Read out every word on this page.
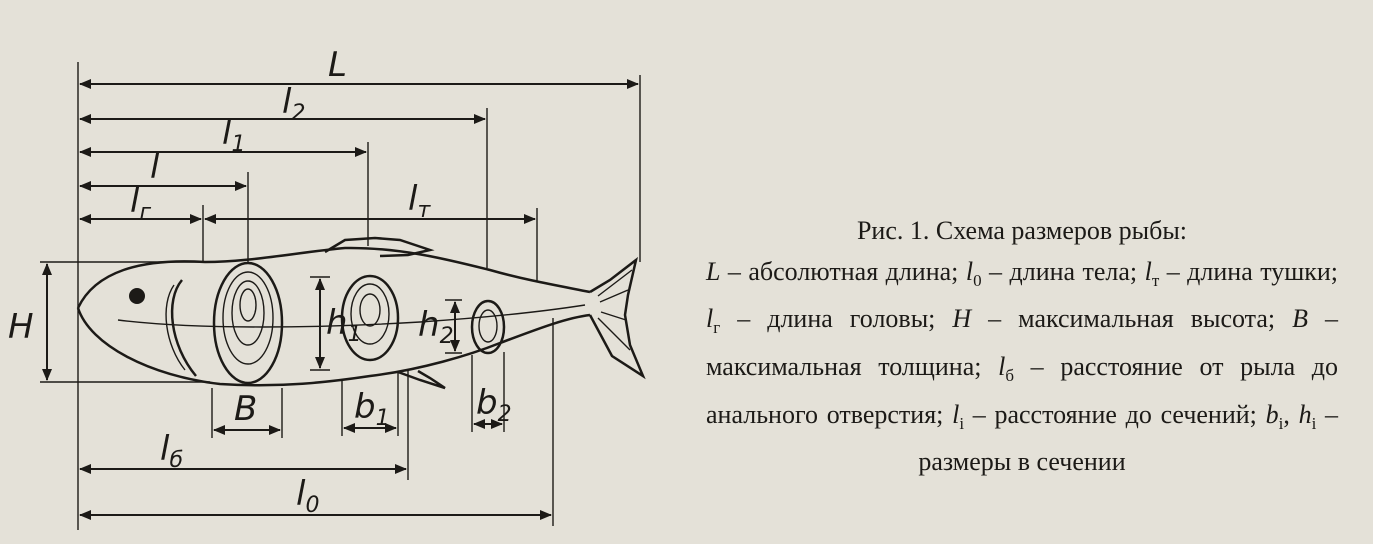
L
$l_2$
$l_1$
l
$l_г$	$l_т$
H	$h_1$ $h_2$
B	$b_1$	$b_2$
$l_б$
$l_0$
Рис. 1. Схема размеров рыбы:
L – абсолютная длина; $l_0$ – длина тела; $l_т$ – длина тушки; $l_г$ – длина головы; H – максимальная высота; B – максимальная толщина; $l_б$ – расстояние от рыла до анального отверстия; $l_i$ – расстояние до сечений; $b_i$, $h_i$ – размеры в сечении
